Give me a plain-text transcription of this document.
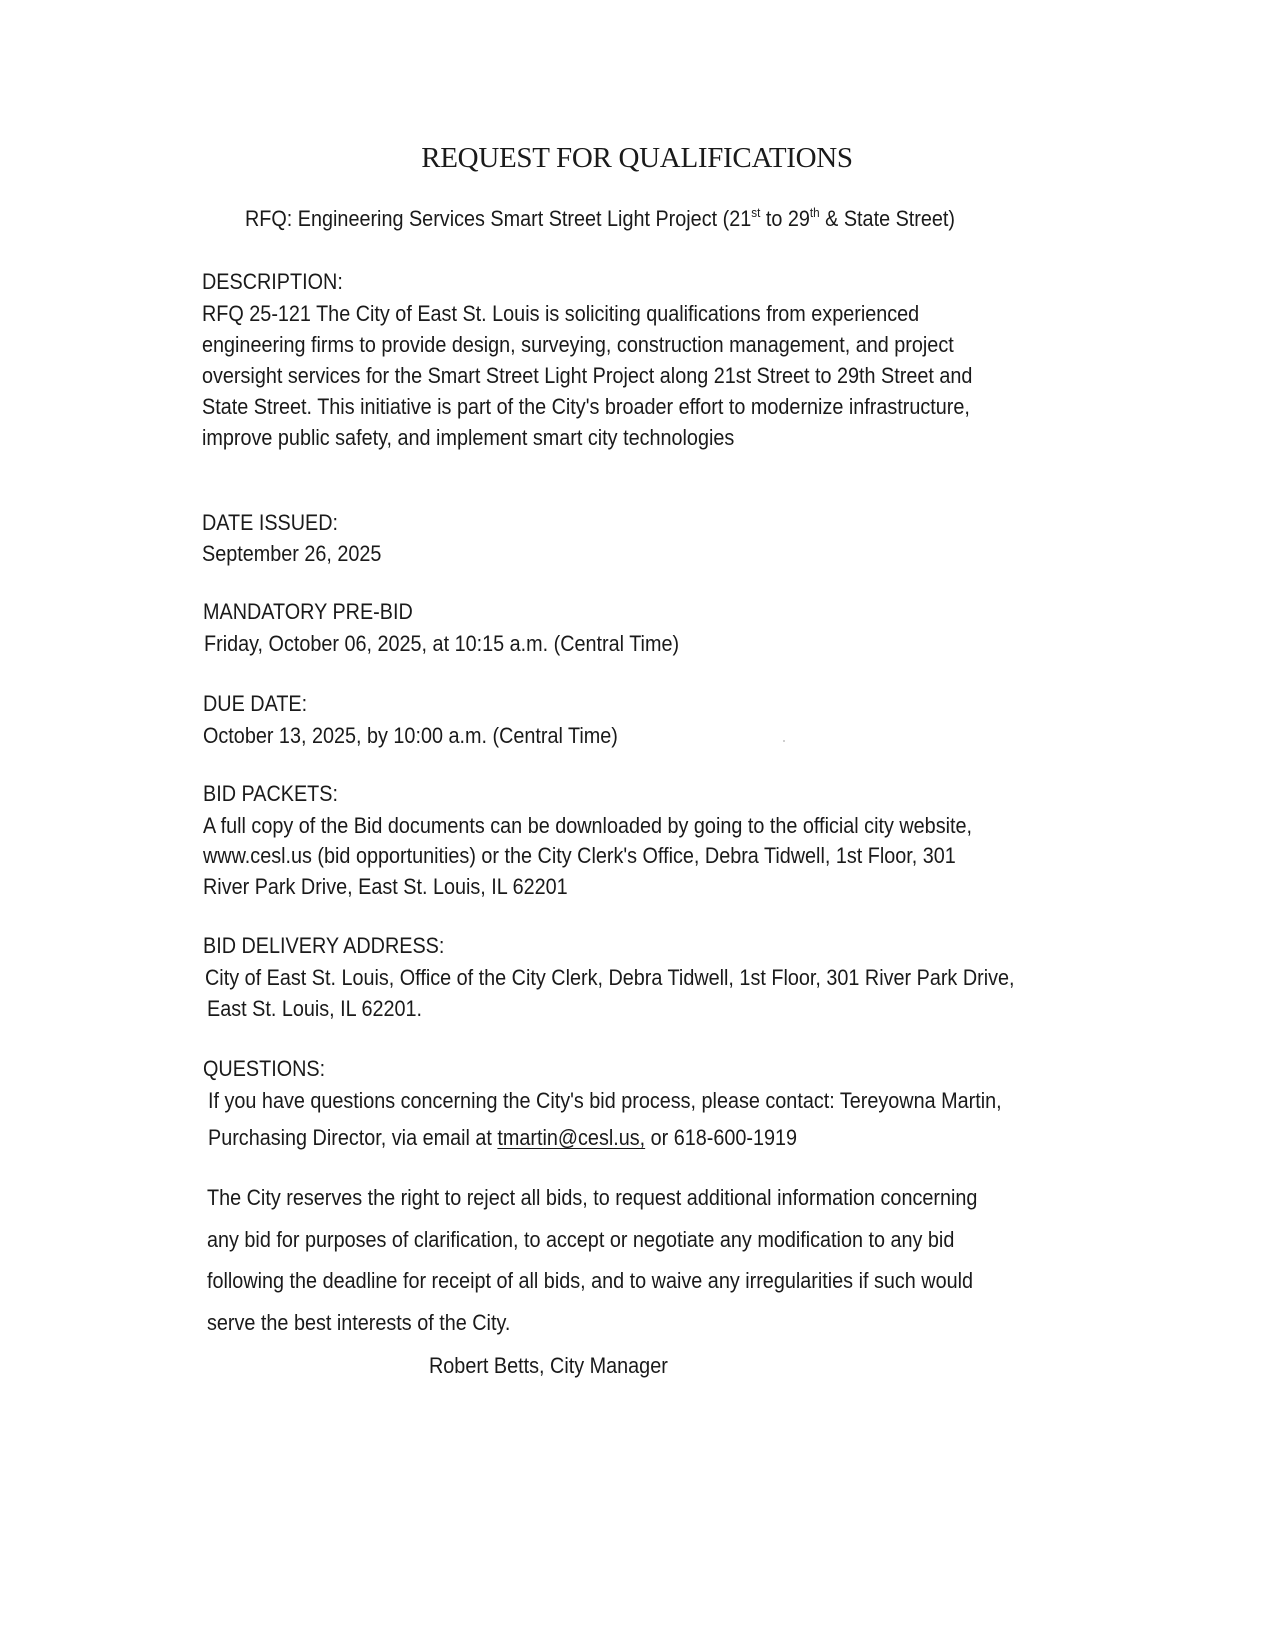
REQUEST FOR QUALIFICATIONS
RFQ: Engineering Services Smart Street Light Project (21st to 29th & State Street)
DESCRIPTION:
RFQ 25-121 The City of East St. Louis is soliciting qualifications from experienced
engineering firms to provide design, surveying, construction management, and project
oversight services for the Smart Street Light Project along 21st Street to 29th Street and
State Street. This initiative is part of the City's broader effort to modernize infrastructure,
improve public safety, and implement smart city technologies
DATE ISSUED:
September 26, 2025
MANDATORY PRE-BID
Friday, October 06, 2025, at 10:15 a.m. (Central Time)
DUE DATE:
October 13, 2025, by 10:00 a.m. (Central Time)
BID PACKETS:
A full copy of the Bid documents can be downloaded by going to the official city website,
www.cesl.us (bid opportunities) or the City Clerk's Office, Debra Tidwell, 1st Floor, 301
River Park Drive, East St. Louis, IL 62201
BID DELIVERY ADDRESS:
City of East St. Louis, Office of the City Clerk, Debra Tidwell, 1st Floor, 301 River Park Drive,
East St. Louis, IL 62201.
QUESTIONS:
If you have questions concerning the City's bid process, please contact: Tereyowna Martin,
Purchasing Director, via email at tmartin@cesl.us, or 618-600-1919
The City reserves the right to reject all bids, to request additional information concerning
any bid for purposes of clarification, to accept or negotiate any modification to any bid
following the deadline for receipt of all bids, and to waive any irregularities if such would
serve the best interests of the City.
Robert Betts, City Manager
